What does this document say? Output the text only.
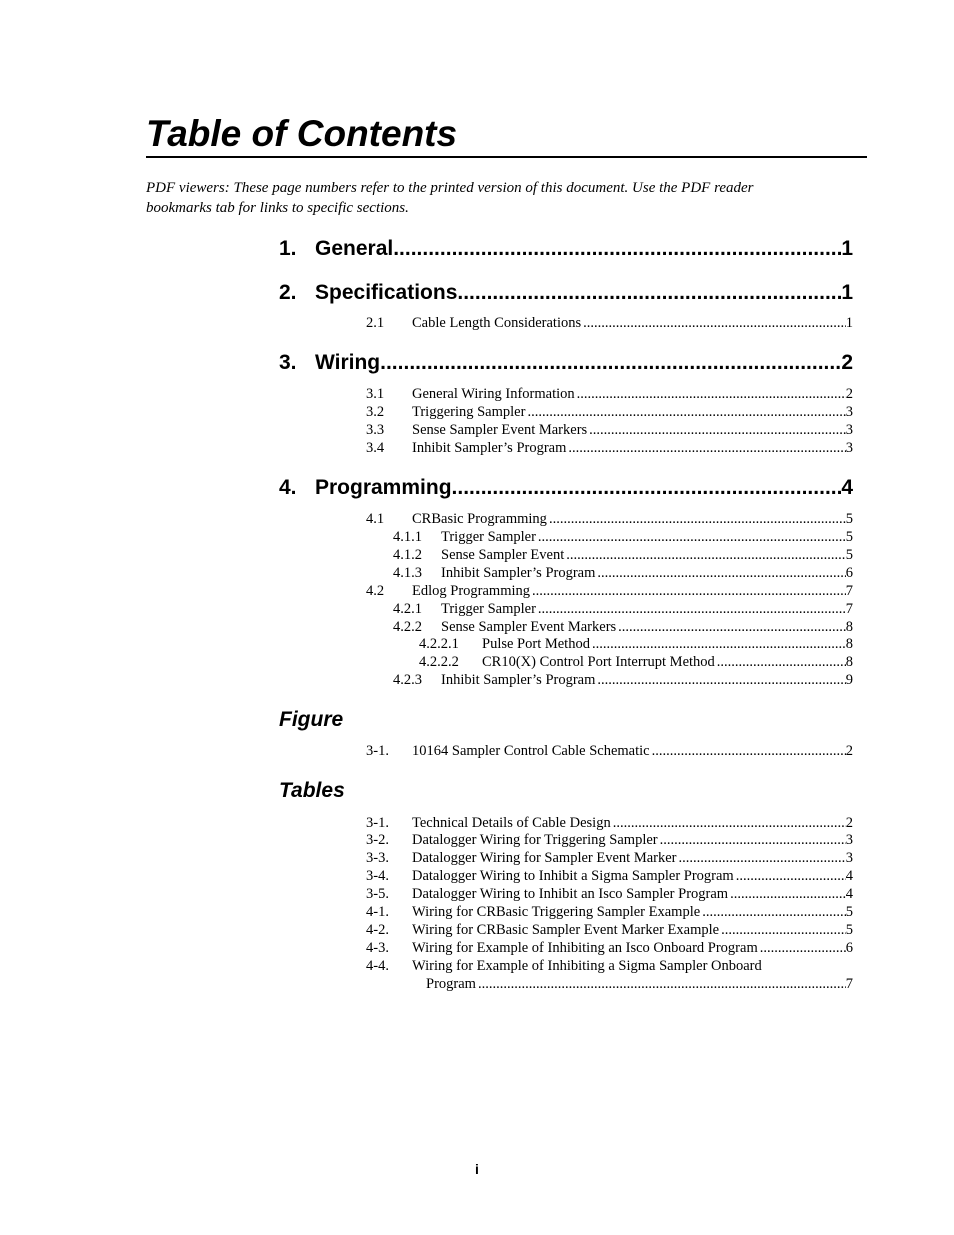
Table of Contents

PDF viewers: These page numbers refer to the printed version of this document. Use the PDF reader bookmarks tab for links to specific sections.

1. General .....	1
2. Specifications .....	1
2.1	Cable Length Considerations .....	1
3. Wiring .....	2
3.1	General Wiring Information .....	2
3.2	Triggering Sampler .....	3
3.3	Sense Sampler Event Markers .....	3
3.4	Inhibit Sampler’s Program .....	3
4. Programming .....	4
4.1	CRBasic Programming .....	5
4.1.1	Trigger Sampler .....	5
4.1.2	Sense Sampler Event .....	5
4.1.3	Inhibit Sampler’s Program .....	6
4.2	Edlog Programming .....	7
4.2.1	Trigger Sampler .....	7
4.2.2	Sense Sampler Event Markers .....	8
4.2.2.1	Pulse Port Method .....	8
4.2.2.2	CR10(X) Control Port Interrupt Method .....	8
4.2.3	Inhibit Sampler’s Program .....	9
Figure
3-1.	10164 Sampler Control Cable Schematic .....	2
Tables
3-1.	Technical Details of Cable Design .....	2
3-2.	Datalogger Wiring for Triggering Sampler .....	3
3-3.	Datalogger Wiring for Sampler Event Marker .....	3
3-4.	Datalogger Wiring to Inhibit a Sigma Sampler Program .....	4
3-5.	Datalogger Wiring to Inhibit an Isco Sampler Program .....	4
4-1.	Wiring for CRBasic Triggering Sampler Example .....	5
4-2.	Wiring for CRBasic Sampler Event Marker Example .....	5
4-3.	Wiring for Example of Inhibiting an Isco Onboard Program .....	6
4-4.	Wiring for Example of Inhibiting a Sigma Sampler Onboard
Program .....	7
i
